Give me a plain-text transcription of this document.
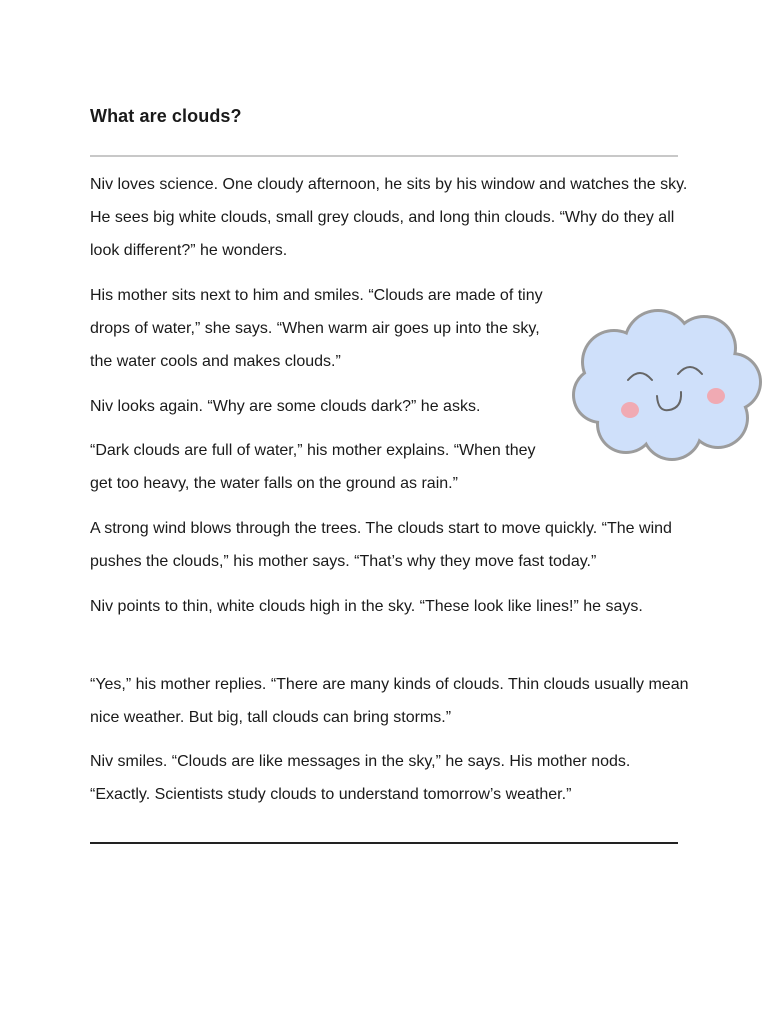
What are clouds?

Niv loves science. One cloudy afternoon, he sits by his window and watches the sky. He sees big white clouds, small grey clouds, and long thin clouds. “Why do they all look different?” he wonders.

His mother sits next to him and smiles. “Clouds are made of tiny drops of water,” she says. “When warm air goes up into the sky, the water cools and makes clouds.”

Niv looks again. “Why are some clouds dark?” he asks.

“Dark clouds are full of water,” his mother explains. “When they get too heavy, the water falls on the ground as rain.”

A strong wind blows through the trees. The clouds start to move quickly. “The wind pushes the clouds,” his mother says. “That’s why they move fast today.”

Niv points to thin, white clouds high in the sky. “These look like lines!” he says.

“Yes,” his mother replies. “There are many kinds of clouds. Thin clouds usually mean nice weather. But big, tall clouds can bring storms.”

Niv smiles. “Clouds are like messages in the sky,” he says. His mother nods. “Exactly. Scientists study clouds to understand tomorrow’s weather.”
